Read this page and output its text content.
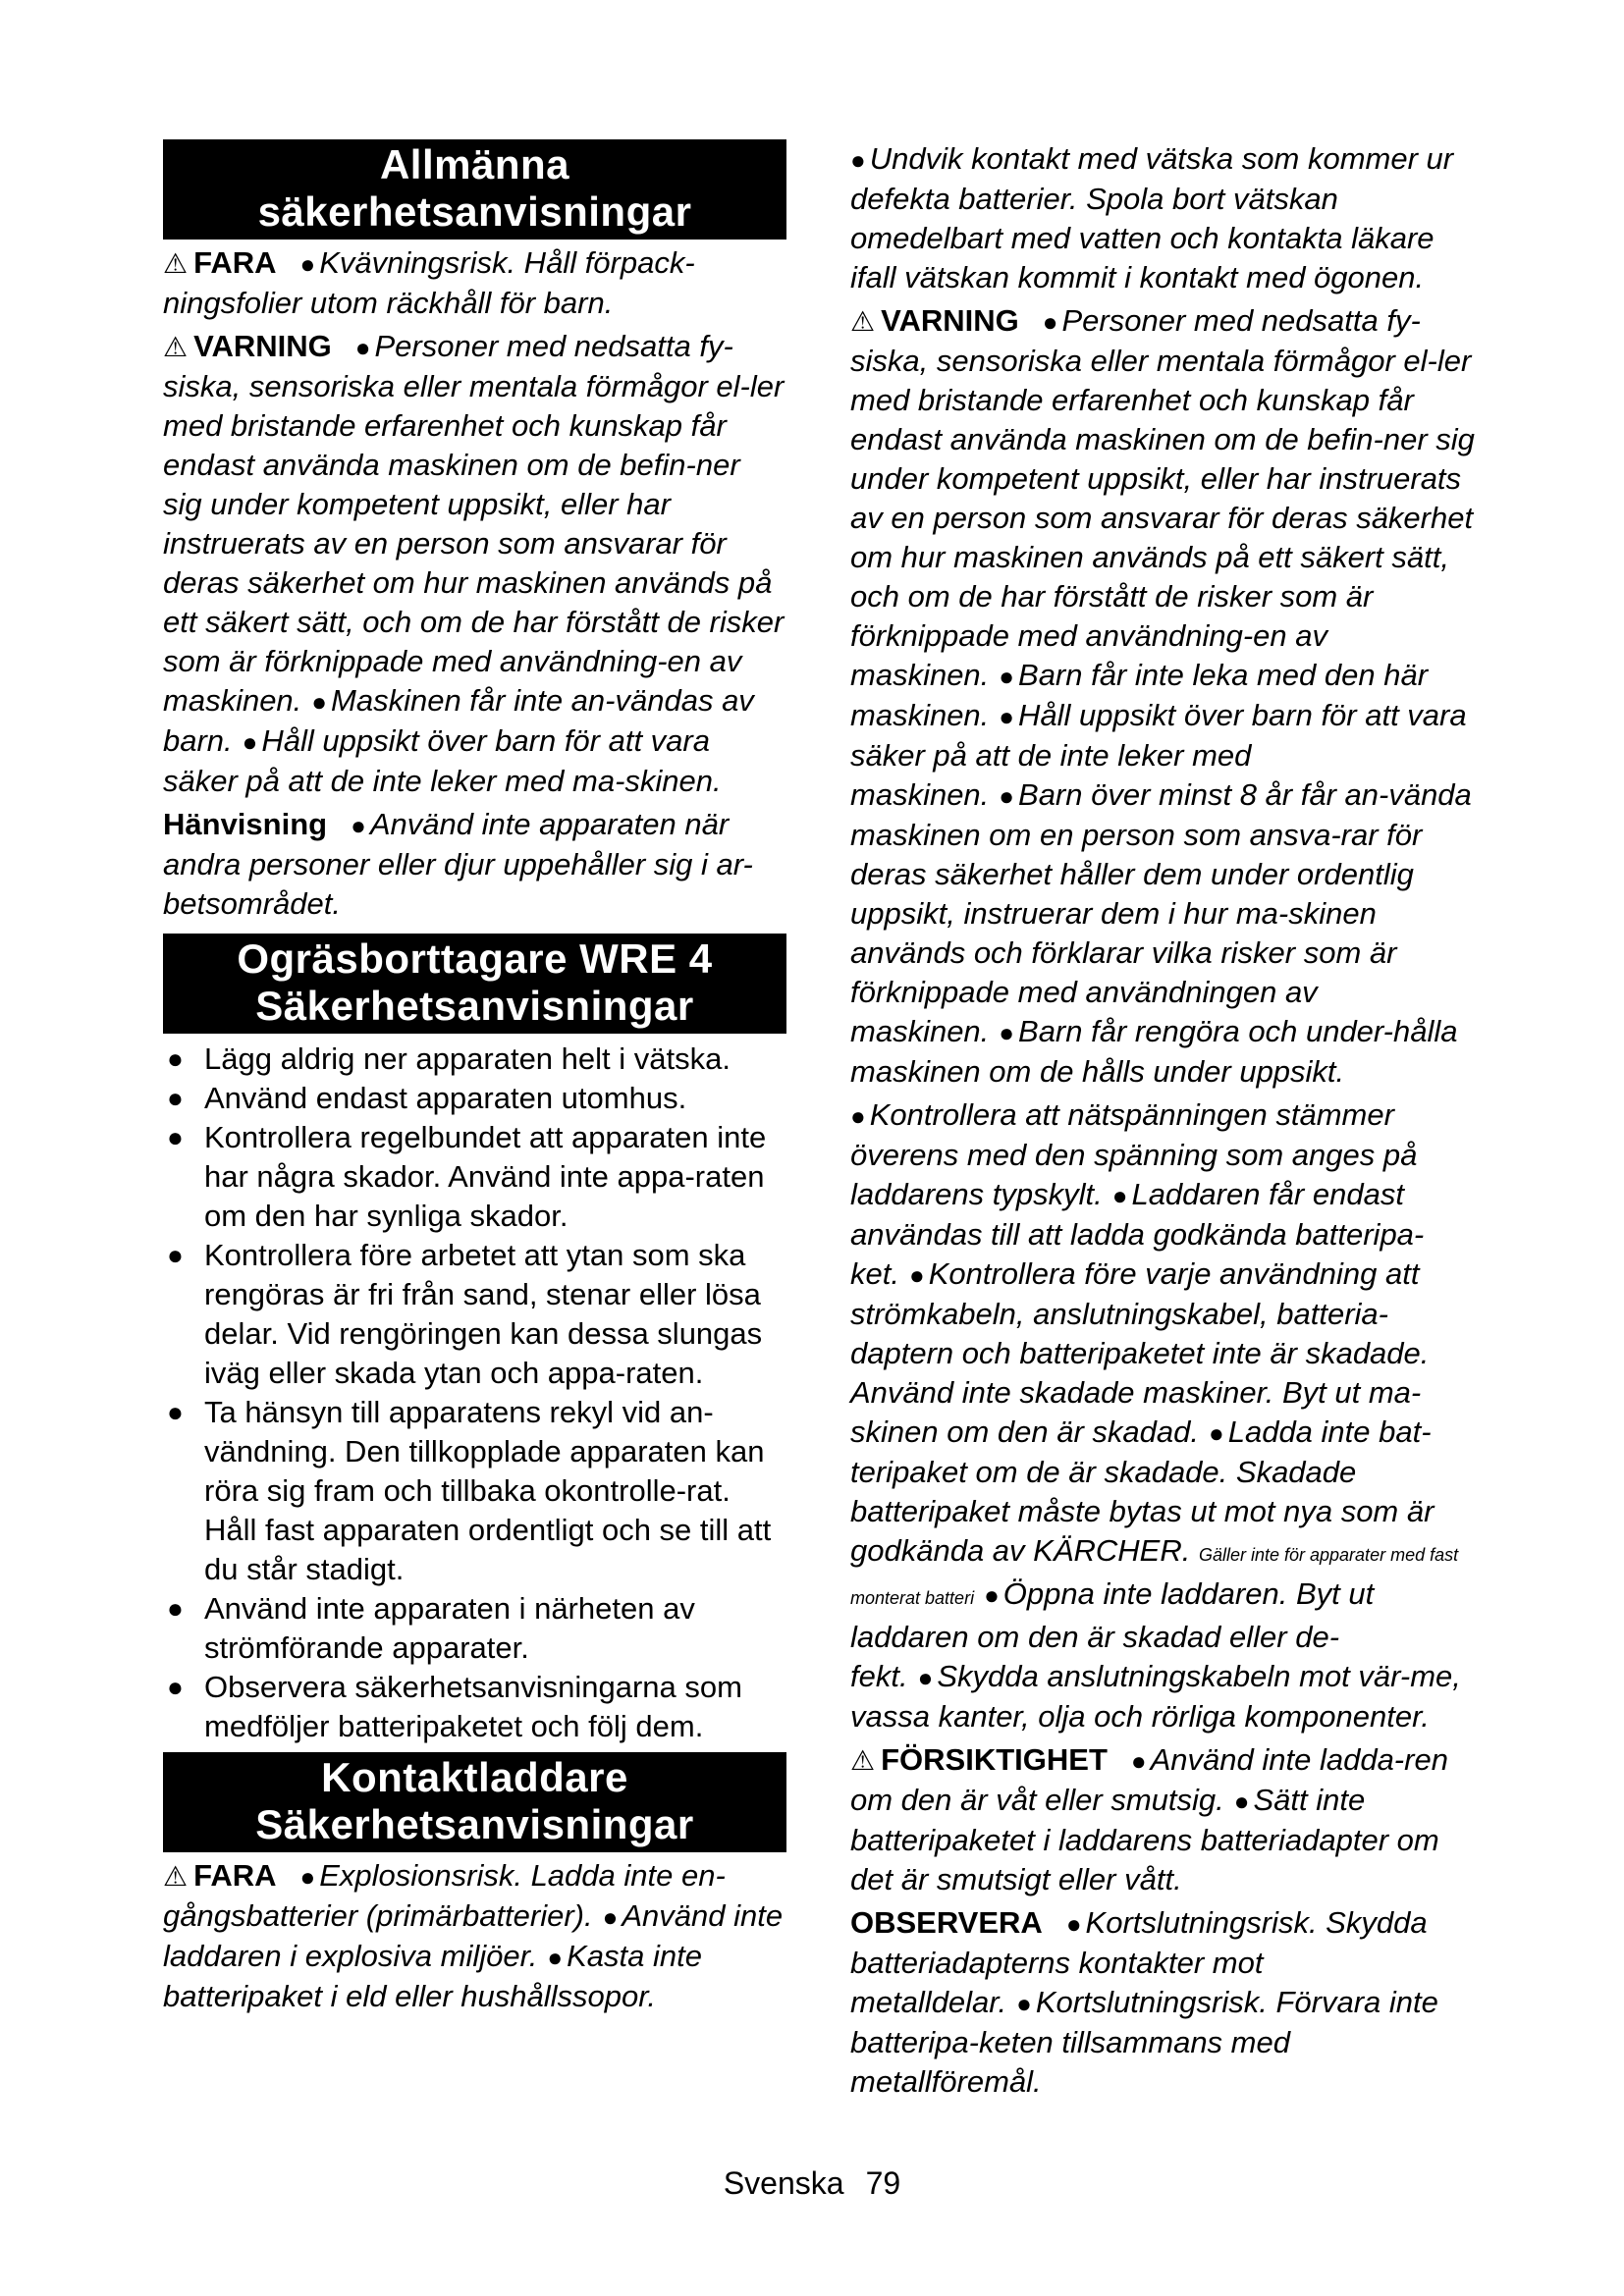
Allmänna
säkerhetsanvisningar

⚠ FARA ● Kvävningsrisk. Håll förpack-ningsfolier utom räckhåll för barn.

⚠ VARNING ● Personer med nedsatta fy-siska, sensoriska eller mentala förmågor el-ler med bristande erfarenhet och kunskap får endast använda maskinen om de befin-ner sig under kompetent uppsikt, eller har instruerats av en person som ansvarar för deras säkerhet om hur maskinen används på ett säkert sätt, och om de har förstått de risker som är förknippade med användning-en av maskinen. ● Maskinen får inte an-vändas av barn. ● Håll uppsikt över barn för att vara säker på att de inte leker med ma-skinen.

Hänvisning ● Använd inte apparaten när andra personer eller djur uppehåller sig i ar-betsområdet.

Ogräsborttagare WRE 4
Säkerhetsanvisningar
● Lägg aldrig ner apparaten helt i vätska.
● Använd endast apparaten utomhus.
● Kontrollera regelbundet att apparaten inte har några skador. Använd inte appa-raten om den har synliga skador.
● Kontrollera före arbetet att ytan som ska rengöras är fri från sand, stenar eller lösa delar. Vid rengöringen kan dessa slungas iväg eller skada ytan och appa-raten.
● Ta hänsyn till apparatens rekyl vid an-vändning. Den tillkopplade apparaten kan röra sig fram och tillbaka okontrolle-rat. Håll fast apparaten ordentligt och se till att du står stadigt.
● Använd inte apparaten i närheten av strömförande apparater.
● Observera säkerhetsanvisningarna som medföljer batteripaketet och följ dem.
Kontaktladdare
Säkerhetsanvisningar

⚠ FARA ● Explosionsrisk. Ladda inte en-gångsbatterier (primärbatterier). ● Använd inte laddaren i explosiva miljöer. ● Kasta inte batteripaket i eld eller hushållssopor.

● Undvik kontakt med vätska som kommer ur defekta batterier. Spola bort vätskan omedelbart med vatten och kontakta läkare ifall vätskan kommit i kontakt med ögonen.

⚠ VARNING ● Personer med nedsatta fy-siska, sensoriska eller mentala förmågor el-ler med bristande erfarenhet och kunskap får endast använda maskinen om de befin-ner sig under kompetent uppsikt, eller har instruerats av en person som ansvarar för deras säkerhet om hur maskinen används på ett säkert sätt, och om de har förstått de risker som är förknippade med användning-en av maskinen. ● Barn får inte leka med den här maskinen. ● Håll uppsikt över barn för att vara säker på att de inte leker med maskinen. ● Barn över minst 8 år får an-vända maskinen om en person som ansva-rar för deras säkerhet håller dem under ordentlig uppsikt, instruerar dem i hur ma-skinen används och förklarar vilka risker som är förknippade med användningen av maskinen. ● Barn får rengöra och under-hålla maskinen om de hålls under uppsikt.

● Kontrollera att nätspänningen stämmer överens med den spänning som anges på laddarens typskylt. ● Laddaren får endast användas till att ladda godkända batteripa-ket. ● Kontrollera före varje användning att strömkabeln, anslutningskabel, batteria-daptern och batteripaketet inte är skadade. Använd inte skadade maskiner. Byt ut ma-skinen om den är skadad. ● Ladda inte bat-teripaket om de är skadade. Skadade batteripaket måste bytas ut mot nya som är godkända av KÄRCHER. Gäller inte för apparater med fast monterat batteri ● Öppna inte laddaren. Byt ut laddaren om den är skadad eller de-fekt. ● Skydda anslutningskabeln mot vär-me, vassa kanter, olja och rörliga komponenter.

⚠ FÖRSIKTIGHET ● Använd inte ladda-ren om den är våt eller smutsig. ● Sätt inte batteripaketet i laddarens batteriadapter om det är smutsigt eller vått.

OBSERVERA ● Kortslutningsrisk. Skydda batteriadapterns kontakter mot metalldelar. ● Kortslutningsrisk. Förvara inte batteripa-keten tillsammans med metallföremål.

Svenska 79
